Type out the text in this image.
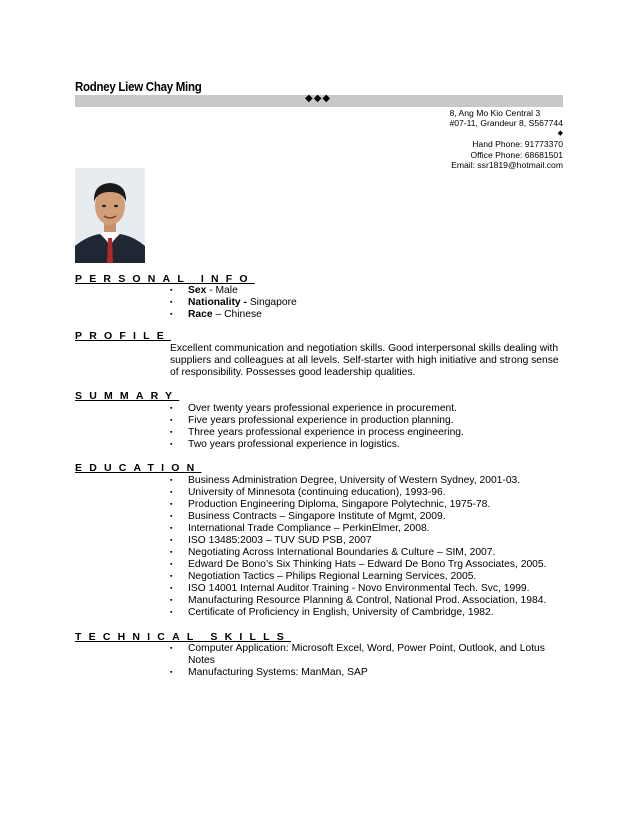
Rodney Liew Chay Ming
◆◆◆
8, Ang Mo Kio Central 3
#07-11, Grandeur 8, S567744
◆
Hand Phone: 91773370
Office Phone: 68681501
Email: ssr1819@hotmail.com
PERSONAL INFO
▪ Sex - Male
▪ Nationality - Singapore
▪ Race – Chinese
PROFILE
Excellent communication and negotiation skills. Good interpersonal skills dealing with suppliers and colleagues at all levels. Self-starter with high initiative and strong sense of responsibility. Possesses good leadership qualities.
SUMMARY
▪ Over twenty years professional experience in procurement.
▪ Five years professional experience in production planning.
▪ Three years professional experience in process engineering.
▪ Two years professional experience in logistics.
EDUCATION
▪ Business Administration Degree, University of Western Sydney, 2001-03.
▪ University of Minnesota (continuing education), 1993-96.
▪ Production Engineering Diploma, Singapore Polytechnic, 1975-78.
▪ Business Contracts – Singapore Institute of Mgmt, 2009.
▪ International Trade Compliance – PerkinElmer, 2008.
▪ ISO 13485:2003 – TUV SUD PSB, 2007
▪ Negotiating Across International Boundaries & Culture – SIM, 2007.
▪ Edward De Bono’s Six Thinking Hats – Edward De Bono Trg Associates, 2005.
▪ Negotiation Tactics – Philips Regional Learning Services, 2005.
▪ ISO 14001 Internal Auditor Training - Novo Environmental Tech. Svc, 1999.
▪ Manufacturing Resource Planning & Control, National Prod. Association, 1984.
▪ Certificate of Proficiency in English, University of Cambridge, 1982.
TECHNICAL SKILLS
▪ Computer Application: Microsoft Excel, Word, Power Point, Outlook, and Lotus Notes
▪ Manufacturing Systems: ManMan, SAP
